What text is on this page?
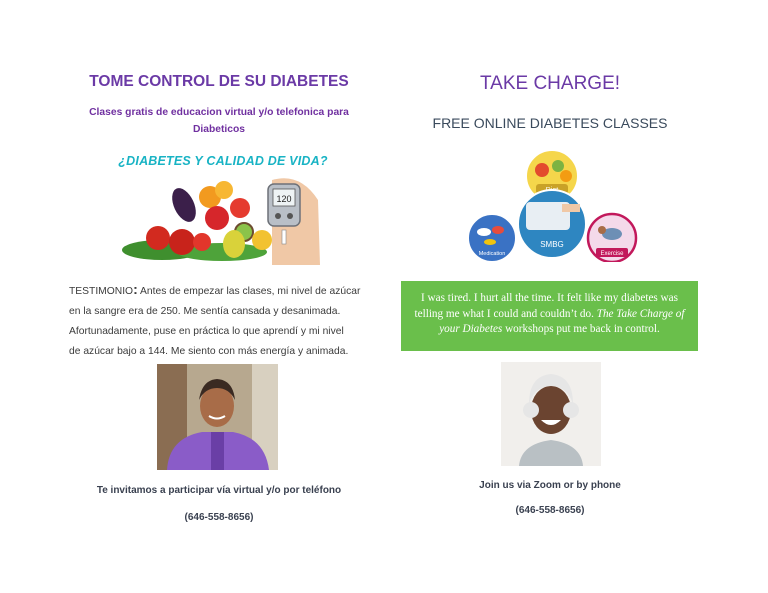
TOME CONTROL DE SU DIABETES
Clases gratis de educacion virtual y/o telefonica para
Diabeticos
¿DIABETES Y CALIDAD DE VIDA?
120
TESTIMONIO: Antes de empezar las clases, mi nivel de azúcar
en la sangre era de 250. Me sentía cansada y desanimada.
Afortunadamente, puse en práctica lo que aprendí y mi nivel
de azúcar bajo a 144. Me siento con más energía y animada.
Te invitamos a participar vía virtual y/o por teléfono
(646-558-8656)
TAKE CHARGE!
FREE ONLINE DIABETES CLASSES
SMBG
Medication	Exercise
I was tired. I hurt all the time. It felt like my diabetes was telling me what I could and couldn’t do. The Take Charge of your Diabetes workshops put me back in control.
Join us via Zoom or by phone
(646-558-8656)
